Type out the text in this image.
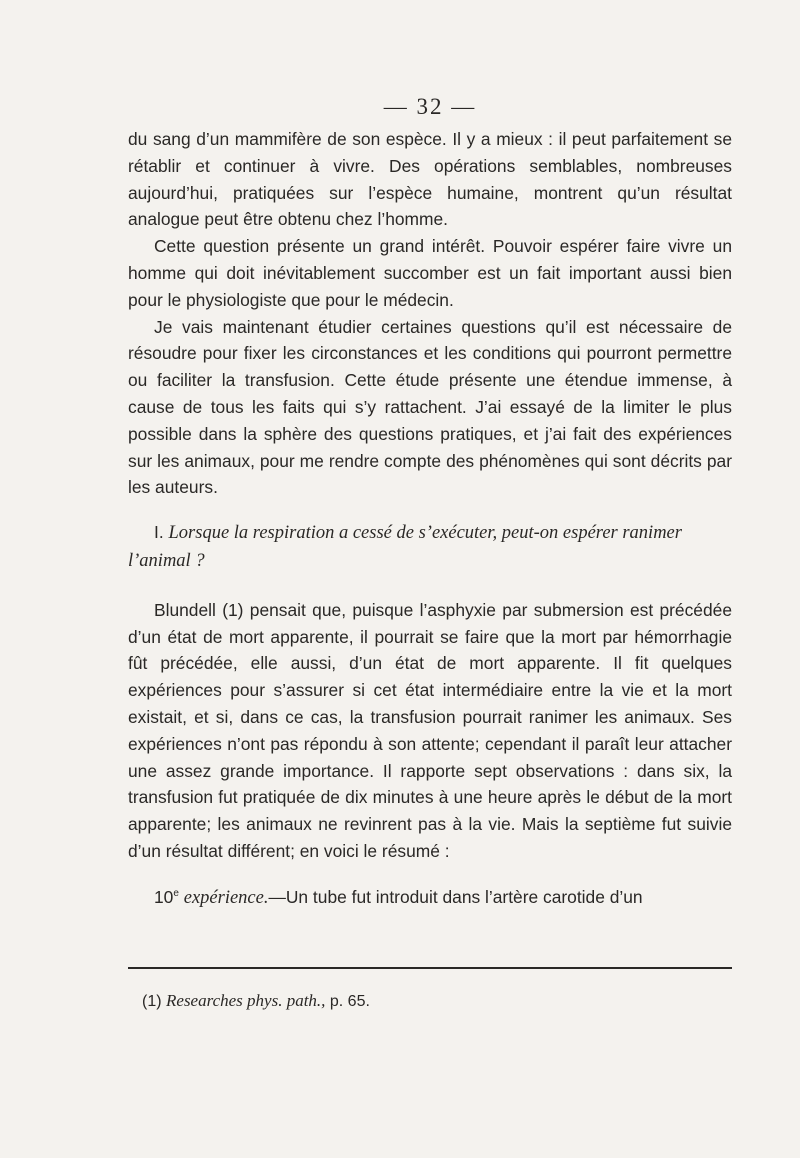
— 32 —

du sang d’un mammifère de son espèce. Il y a mieux : il peut parfaitement se rétablir et continuer à vivre. Des opérations semblables, nombreuses aujourd’hui, pratiquées sur l’espèce humaine, montrent qu’un résultat analogue peut être obtenu chez l’homme.

Cette question présente un grand intérêt. Pouvoir espérer faire vivre un homme qui doit inévitablement succomber est un fait important aussi bien pour le physiologiste que pour le médecin.

Je vais maintenant étudier certaines questions qu’il est nécessaire de résoudre pour fixer les circonstances et les conditions qui pourront permettre ou faciliter la transfusion. Cette étude présente une étendue immense, à cause de tous les faits qui s’y rattachent. J’ai essayé de la limiter le plus possible dans la sphère des questions pratiques, et j’ai fait des expériences sur les animaux, pour me rendre compte des phénomènes qui sont décrits par les auteurs.

I. Lorsque la respiration a cessé de s’exécuter, peut-on espérer ranimer l’animal ?

Blundell (1) pensait que, puisque l’asphyxie par submersion est précédée d’un état de mort apparente, il pourrait se faire que la mort par hémorrhagie fût précédée, elle aussi, d’un état de mort apparente. Il fit quelques expériences pour s’assurer si cet état intermédiaire entre la vie et la mort existait, et si, dans ce cas, la transfusion pourrait ranimer les animaux. Ses expériences n’ont pas répondu à son attente; cependant il paraît leur attacher une assez grande importance. Il rapporte sept observations : dans six, la transfusion fut pratiquée de dix minutes à une heure après le début de la mort apparente; les animaux ne revinrent pas à la vie. Mais la septième fut suivie d’un résultat différent; en voici le résumé :

10e expérience.—Un tube fut introduit dans l’artère carotide d’un

(1) Researches phys. path., p. 65.
